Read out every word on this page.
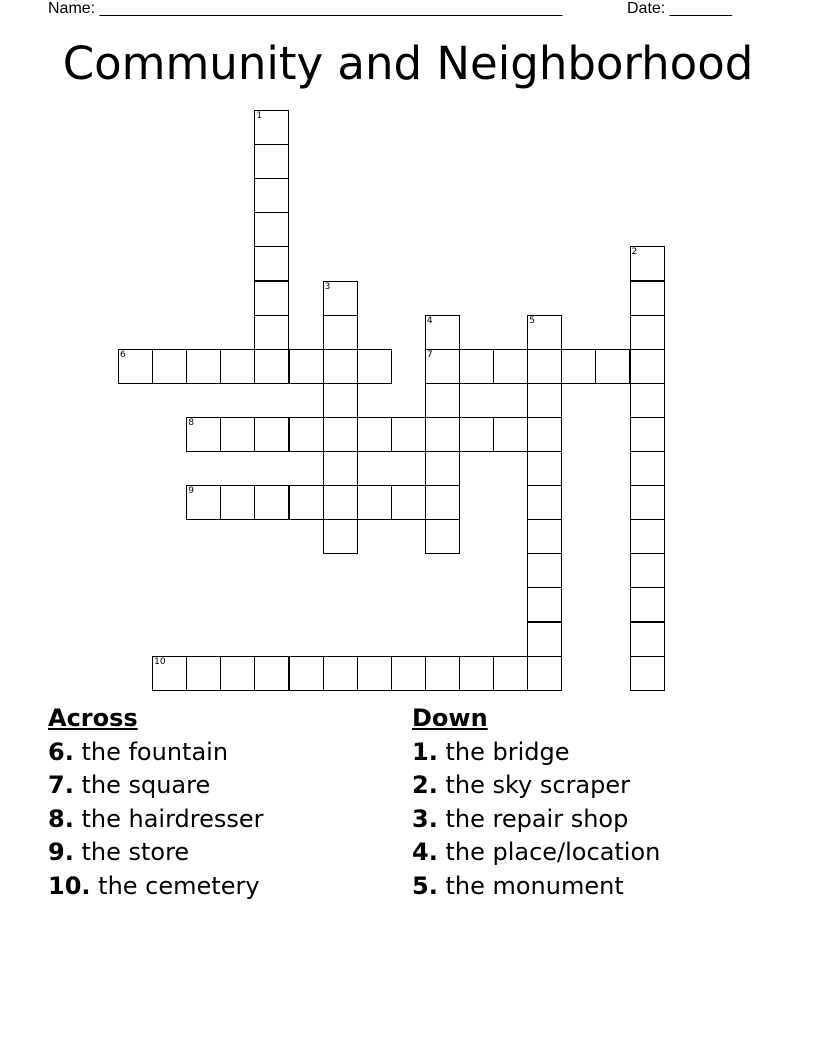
Name: ____________________________________________________	Date: _______
Community and Neighborhood
1
2
3
4
7
5
6
8
9
10
Across
6. the fountain
7. the square
8. the hairdresser
9. the store
10. the cemetery
Down
1. the bridge
2. the sky scraper
3. the repair shop
4. the place/location
5. the monument
